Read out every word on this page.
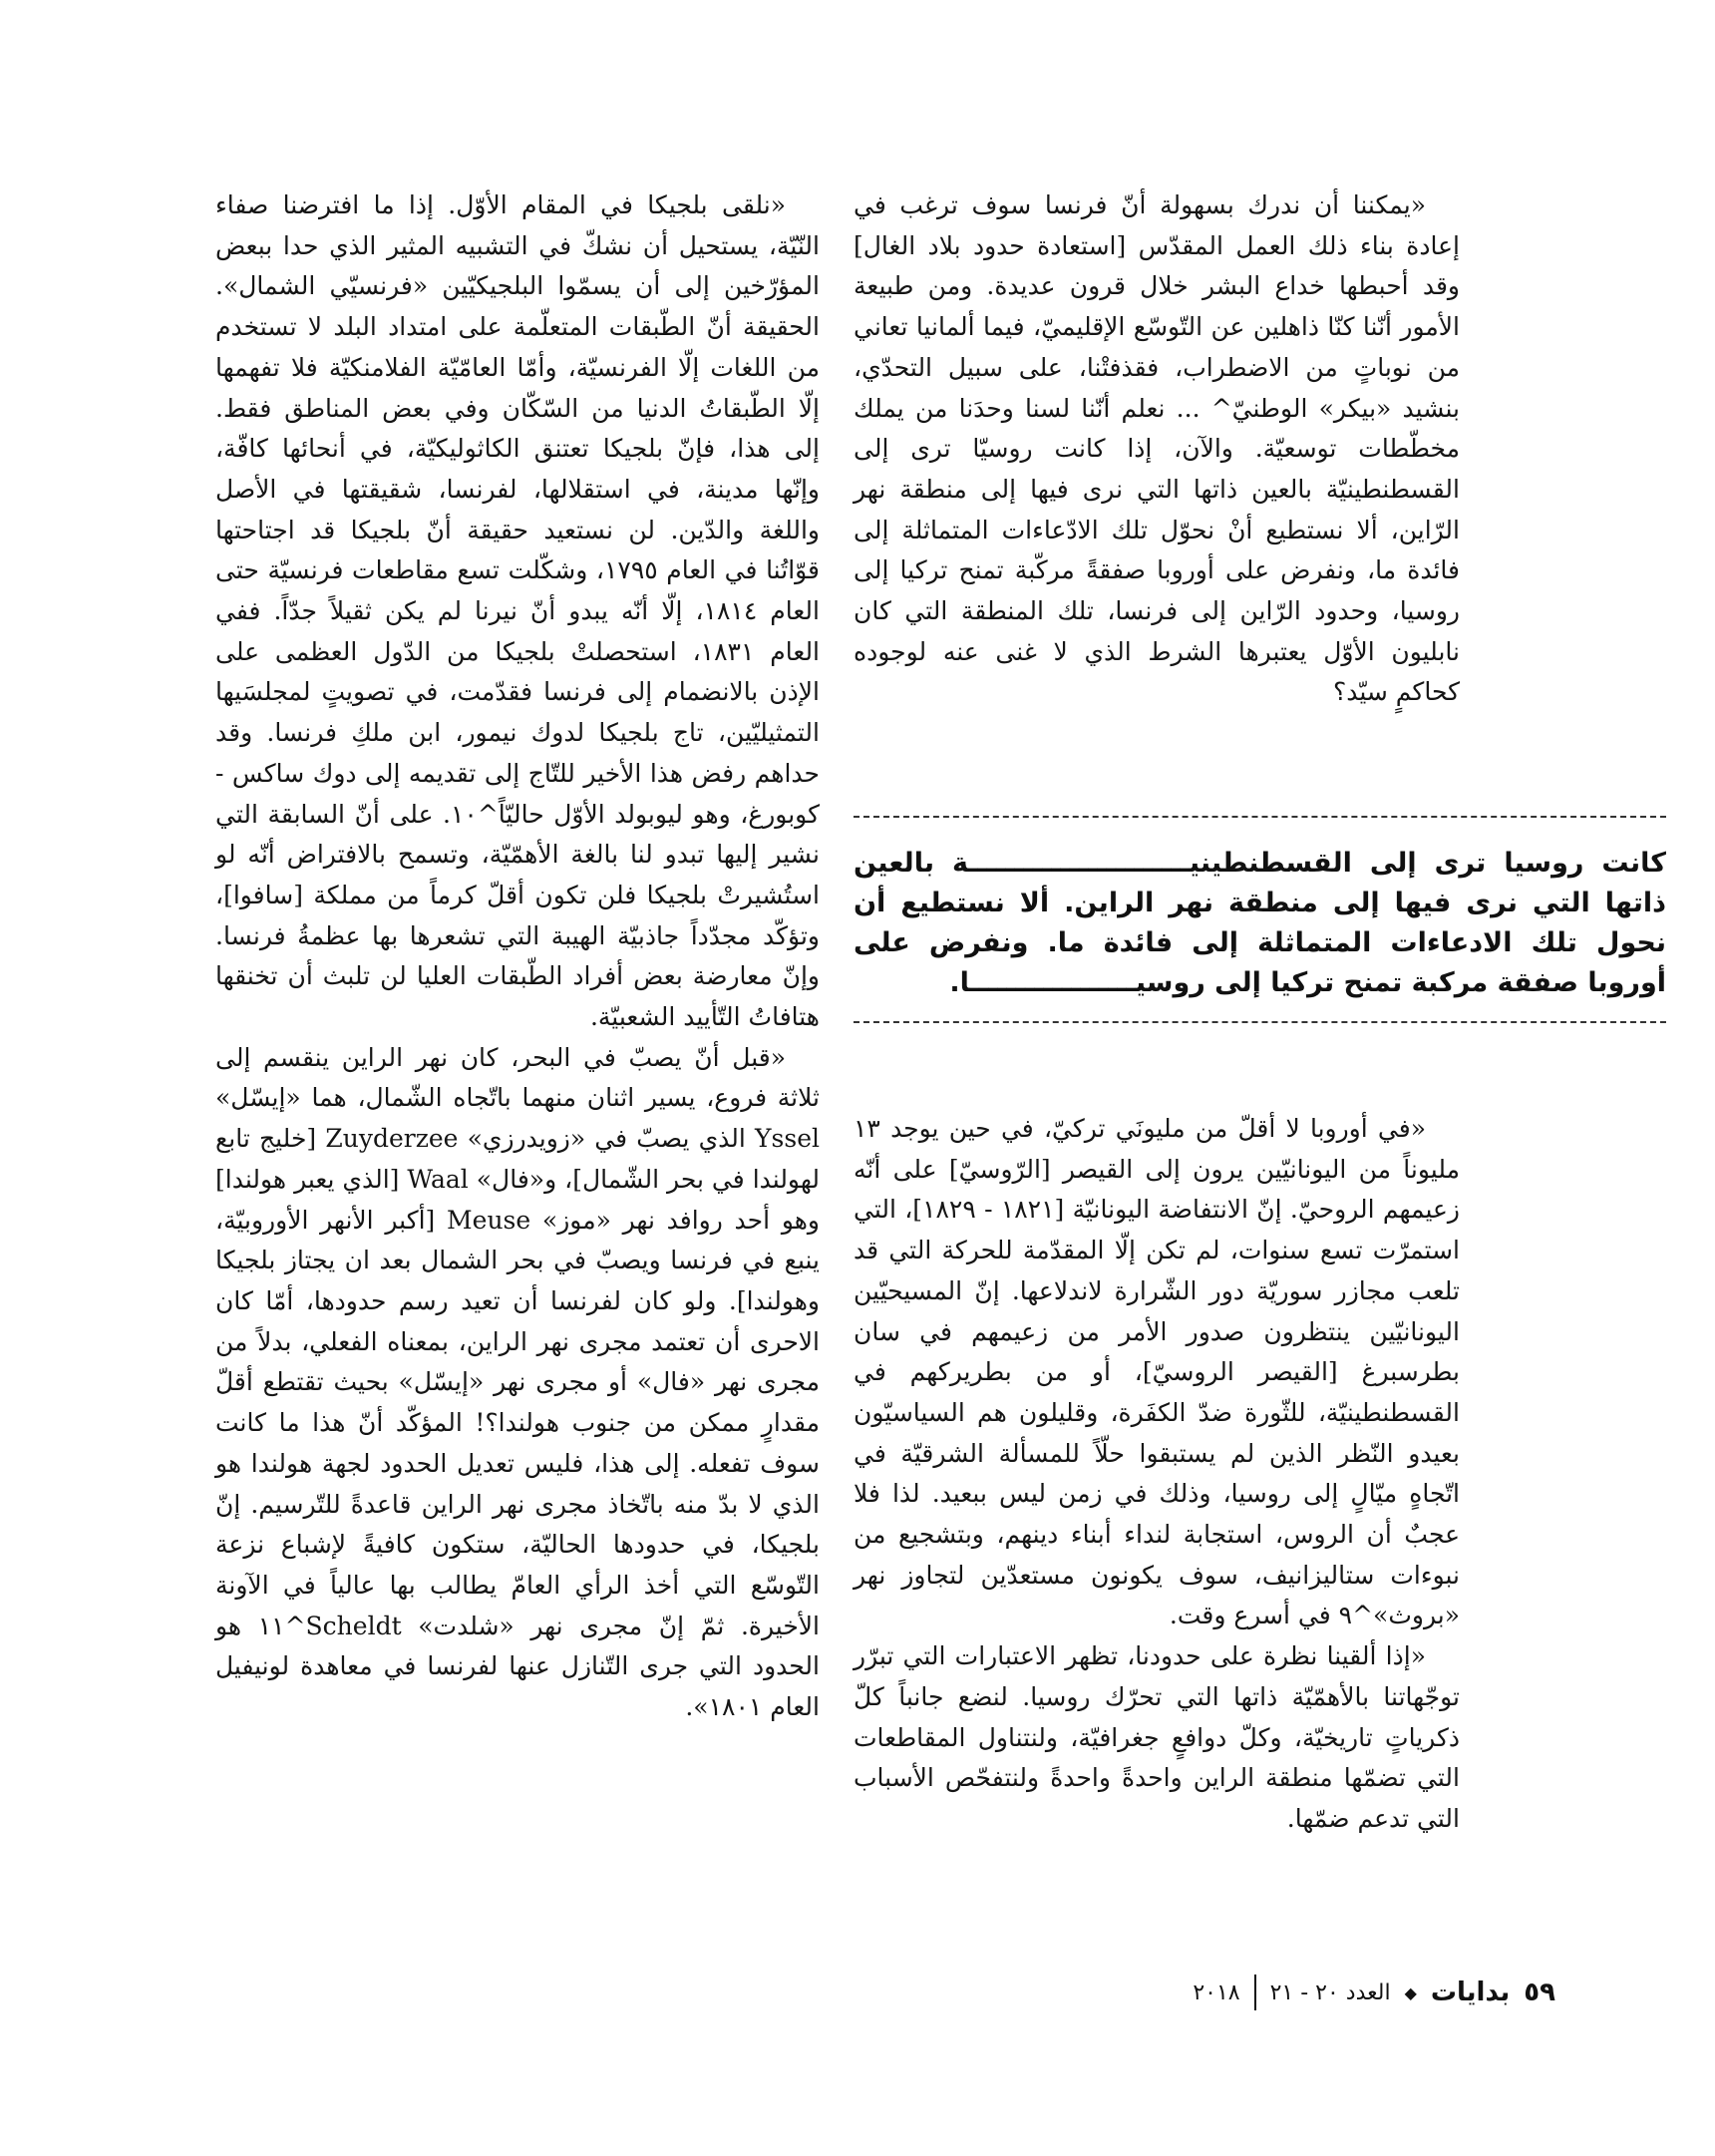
«يمكننا أن ندرك بسهولة أنّ فرنسا سوف ترغب في إعادة بناء ذلك العمل المقدّس [استعادة حدود بلاد الغال] وقد أحبطها خداع البشر خلال قرون عديدة. ومن طبيعة الأمور أنّنا كنّا ذاهلين عن التّوسّع الإقليميّ، فيما ألمانيا تعاني من نوباتٍ من الاضطراب، فقذفتْنا، على سبيل التحدّي، بنشيد «بيكر» الوطنيّ^ ... نعلم أنّنا لسنا وحدَنا من يملك مخطّطات توسعيّة. والآن، إذا كانت روسيّا ترى إلى القسطنطينيّة بالعين ذاتها التي نرى فيها إلى منطقة نهر الرّاين، ألا نستطيع أنْ نحوّل تلك الادّعاءات المتماثلة إلى فائدة ما، ونفرض على أوروبا صفقةً مركّبة تمنح تركيا إلى روسيا، وحدود الرّاين إلى فرنسا، تلك المنطقة التي كان نابليون الأوّل يعتبرها الشرط الذي لا غنى عنه لوجوده كحاكمٍ سيّد؟

كانت روسيا ترى إلى القسطنطينيــــــــــــــــــــــــة بالعين ذاتها التي نرى فيها إلى منطقة نهر الراين. ألا نستطيع أن نحول تلك الادعاءات المتماثلة إلى فائدة ما. ونفرض على أوروبا صفقة مركبة تمنح تركيا إلى روسيــــــــــــــــــا.

«في أوروبا لا أقلّ من مليونَي تركيّ، في حين يوجد ١٣ مليوناً من اليونانيّين يرون إلى القيصر [الرّوسيّ] على أنّه زعيمهم الروحيّ. إنّ الانتفاضة اليونانيّة [١٨٢١ - ١٨٢٩]، التي استمرّت تسع سنوات، لم تكن إلّا المقدّمة للحركة التي قد تلعب مجازر سوريّة دور الشّرارة لاندلاعها. إنّ المسيحيّين اليونانيّين ينتظرون صدور الأمر من زعيمهم في سان بطرسبرغ [القيصر الروسيّ]، أو من بطريركهم في القسطنطينيّة، للثّورة ضدّ الكفَرة، وقليلون هم السياسيّون بعيدو النّظر الذين لم يستبقوا حلّاً للمسألة الشرقيّة في اتّجاهٍ ميّالٍ إلى روسيا، وذلك في زمن ليس ببعيد. لذا فلا عجبٌ أن الروس، استجابة لنداء أبناء دينهم، وبتشجيع من نبوءات ستاليزانيف، سوف يكونون مستعدّين لتجاوز نهر «بروث»^٩ في أسرع وقت.

«إذا ألقينا نظرة على حدودنا، تظهر الاعتبارات التي تبرّر توجّهاتنا بالأهمّيّة ذاتها التي تحرّك روسيا. لنضع جانباً كلّ ذكرياتٍ تاريخيّة، وكلّ دوافعٍ جغرافيّة، ولنتناول المقاطعات التي تضمّها منطقة الراين واحدةً واحدةً ولنتفحّص الأسباب التي تدعم ضمّها.

«نلقى بلجيكا في المقام الأوّل. إذا ما افترضنا صفاء النّيّة، يستحيل أن نشكّ في التشبيه المثير الذي حدا ببعض المؤرّخين إلى أن يسمّوا البلجيكيّين «فرنسيّي الشمال». الحقيقة أنّ الطّبقات المتعلّمة على امتداد البلد لا تستخدم من اللغات إلّا الفرنسيّة، وأمّا العامّيّة الفلامنكيّة فلا تفهمها إلّا الطّبقاتُ الدنيا من السّكّان وفي بعض المناطق فقط. إلى هذا، فإنّ بلجيكا تعتنق الكاثوليكيّة، في أنحائها كافّة، وإنّها مدينة، في استقلالها، لفرنسا، شقيقتها في الأصل واللغة والدّين. لن نستعيد حقيقة أنّ بلجيكا قد اجتاحتها قوّاتُنا في العام ١٧٩٥، وشكّلت تسع مقاطعات فرنسيّة حتى العام ١٨١٤، إلّا أنّه يبدو أنّ نيرنا لم يكن ثقيلاً جدّاً. ففي العام ١٨٣١، استحصلتْ بلجيكا من الدّول العظمى على الإذن بالانضمام إلى فرنسا فقدّمت، في تصويتٍ لمجلسَيها التمثيليّين، تاج بلجيكا لدوك نيمور، ابن ملكِ فرنسا. وقد حداهم رفض هذا الأخير للتّاج إلى تقديمه إلى دوك ساكس - كوبورغ، وهو ليوبولد الأوّل حاليّاً^١٠. على أنّ السابقة التي نشير إليها تبدو لنا بالغة الأهمّيّة، وتسمح بالافتراض أنّه لو استُشيرتْ بلجيكا فلن تكون أقلّ كرماً من مملكة [سافوا]، وتؤكّد مجدّداً جاذبيّة الهيبة التي تشعرها بها عظمةُ فرنسا. وإنّ معارضة بعض أفراد الطّبقات العليا لن تلبث أن تخنقها هتافاتُ التّأييد الشعبيّة.

«قبل أنّ يصبّ في البحر، كان نهر الراين ينقسم إلى ثلاثة فروع، يسير اثنان منهما باتّجاه الشّمال، هما «إيسّل» Yssel الذي يصبّ في «زويدرزي» Zuyderzee [خليج تابع لهولندا في بحر الشّمال]، و«فال» Waal [الذي يعبر هولندا] وهو أحد روافد نهر «موز» Meuse [أكبر الأنهر الأوروبيّة، ينبع في فرنسا ويصبّ في بحر الشمال بعد ان يجتاز بلجيكا وهولندا]. ولو كان لفرنسا أن تعيد رسم حدودها، أمّا كان الاحرى أن تعتمد مجرى نهر الراين، بمعناه الفعلي، بدلاً من مجرى نهر «فال» أو مجرى نهر «إيسّل» بحيث تقتطع أقلّ مقدارٍ ممكن من جنوب هولندا؟! المؤكّد أنّ هذا ما كانت سوف تفعله. إلى هذا، فليس تعديل الحدود لجهة هولندا هو الذي لا بدّ منه باتّخاذ مجرى نهر الراين قاعدةً للتّرسيم. إنّ بلجيكا، في حدودها الحاليّة، ستكون كافيةً لإشباع نزعة التّوسّع التي أخذ الرأي العامّ يطالب بها عالياً في الآونة الأخيرة. ثمّ إنّ مجرى نهر «شلدت» Scheldt^١١ هو الحدود التي جرى التّنازل عنها لفرنسا في معاهدة لونيفيل العام ١٨٠١».

٥٩
بدايات
◆
العدد ٢٠ - ٢١
٢٠١٨
